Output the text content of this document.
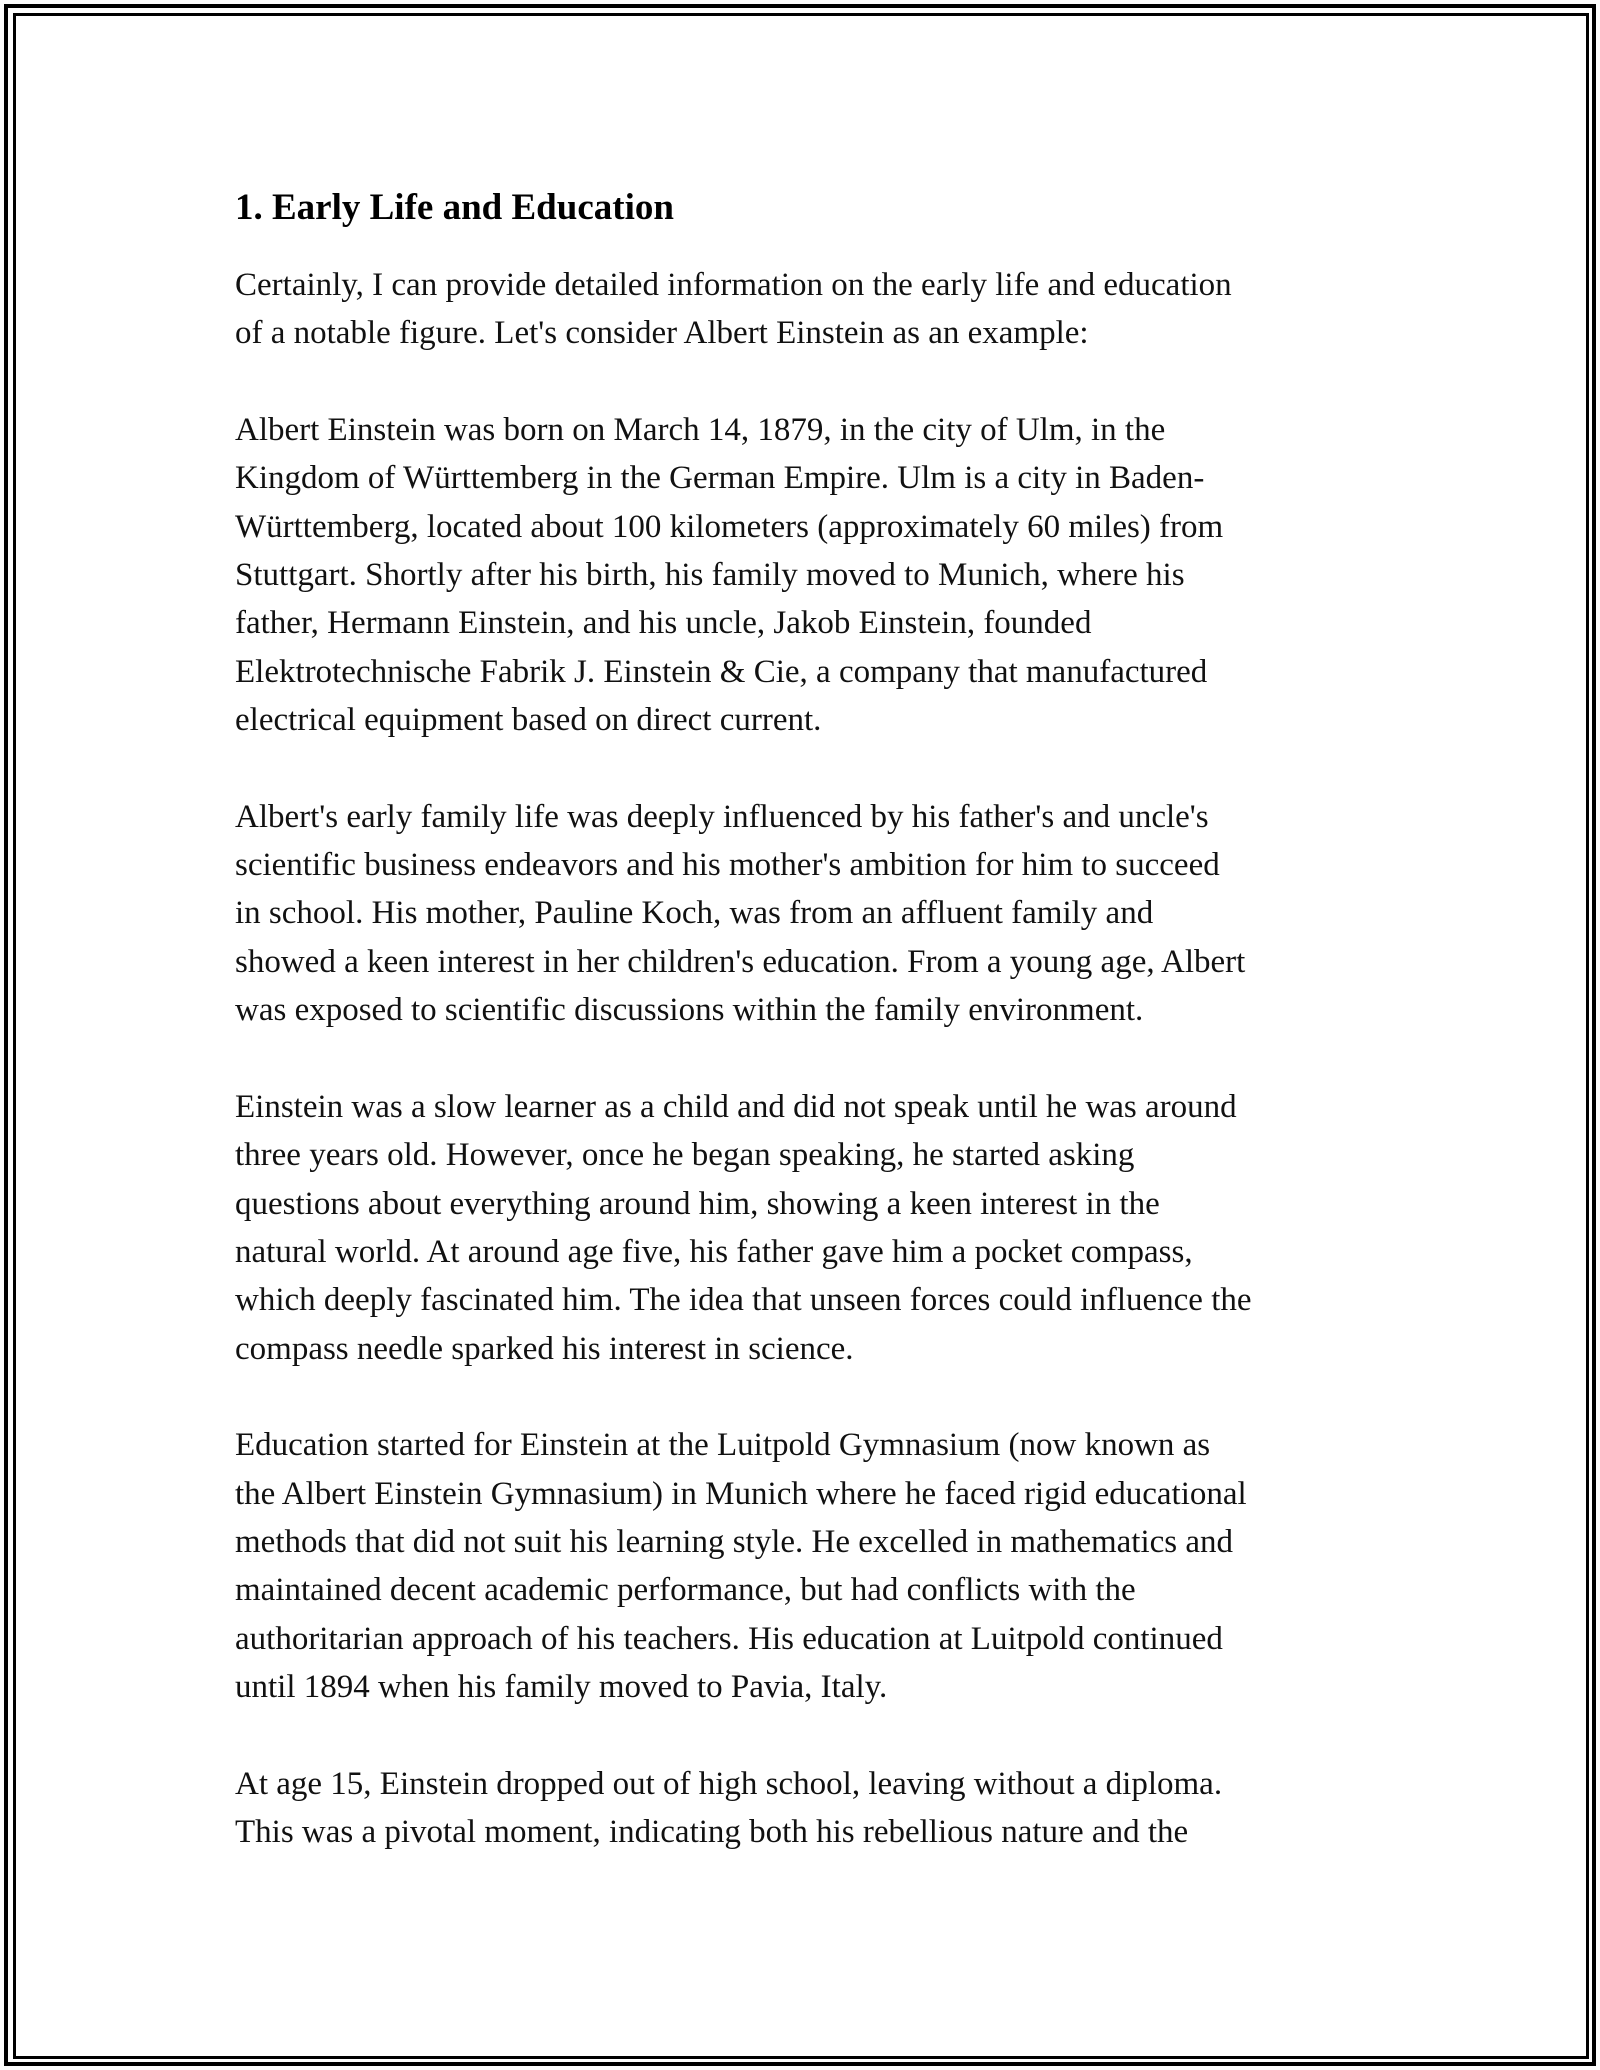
1. Early Life and Education

Certainly, I can provide detailed information on the early life and education
of a notable figure. Let's consider Albert Einstein as an example:

Albert Einstein was born on March 14, 1879, in the city of Ulm, in the
Kingdom of Württemberg in the German Empire. Ulm is a city in Baden-
Württemberg, located about 100 kilometers (approximately 60 miles) from
Stuttgart. Shortly after his birth, his family moved to Munich, where his
father, Hermann Einstein, and his uncle, Jakob Einstein, founded
Elektrotechnische Fabrik J. Einstein & Cie, a company that manufactured
electrical equipment based on direct current.

Albert's early family life was deeply influenced by his father's and uncle's
scientific business endeavors and his mother's ambition for him to succeed
in school. His mother, Pauline Koch, was from an affluent family and
showed a keen interest in her children's education. From a young age, Albert
was exposed to scientific discussions within the family environment.

Einstein was a slow learner as a child and did not speak until he was around
three years old. However, once he began speaking, he started asking
questions about everything around him, showing a keen interest in the
natural world. At around age five, his father gave him a pocket compass,
which deeply fascinated him. The idea that unseen forces could influence the
compass needle sparked his interest in science.

Education started for Einstein at the Luitpold Gymnasium (now known as
the Albert Einstein Gymnasium) in Munich where he faced rigid educational
methods that did not suit his learning style. He excelled in mathematics and
maintained decent academic performance, but had conflicts with the
authoritarian approach of his teachers. His education at Luitpold continued
until 1894 when his family moved to Pavia, Italy.

At age 15, Einstein dropped out of high school, leaving without a diploma.
This was a pivotal moment, indicating both his rebellious nature and the
